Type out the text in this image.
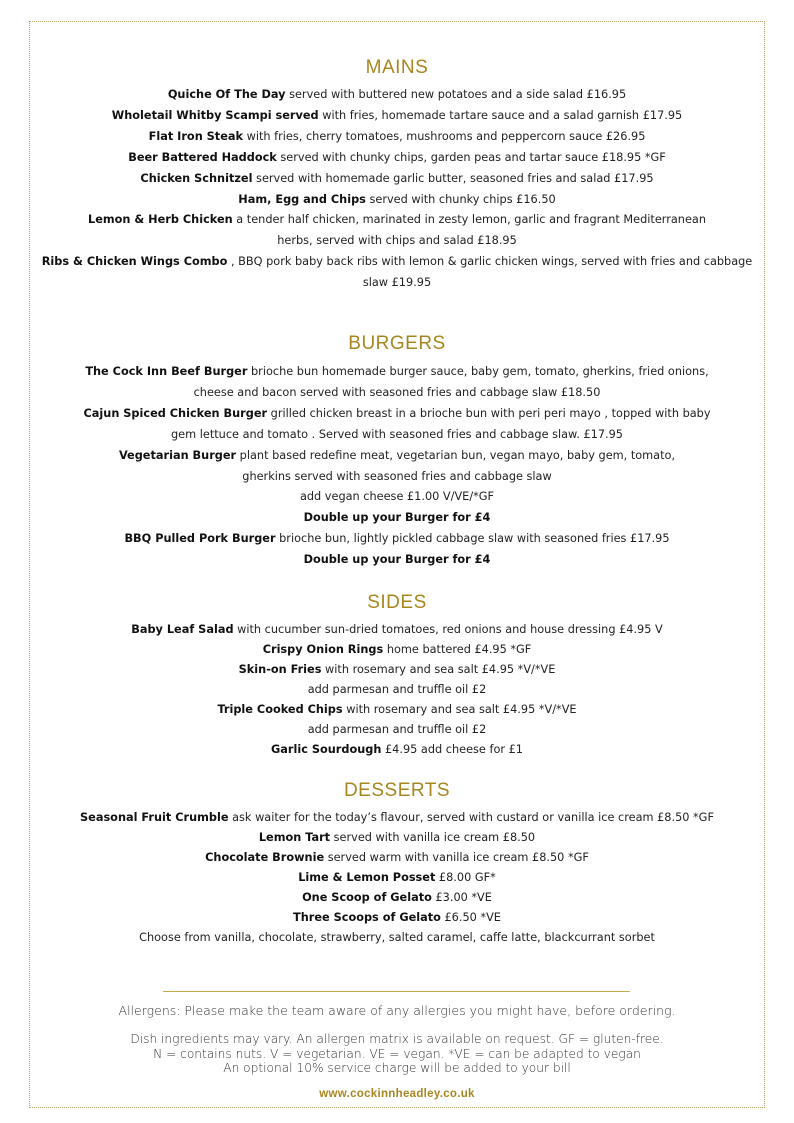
MAINS

Quiche Of The Day served with buttered new potatoes and a side salad £16.95

Wholetail Whitby Scampi served with fries, homemade tartare sauce and a salad garnish £17.95

Flat Iron Steak with fries, cherry tomatoes, mushrooms and peppercorn sauce £26.95

Beer Battered Haddock served with chunky chips, garden peas and tartar sauce £18.95 *GF

Chicken Schnitzel served with homemade garlic butter, seasoned fries and salad £17.95

Ham, Egg and Chips served with chunky chips £16.50

Lemon & Herb Chicken a tender half chicken, marinated in zesty lemon, garlic and fragrant Mediterranean

herbs, served with chips and salad £18.95

Ribs & Chicken Wings Combo , BBQ pork baby back ribs with lemon & garlic chicken wings, served with fries and cabbage

slaw £19.95

BURGERS

The Cock Inn Beef Burger brioche bun homemade burger sauce, baby gem, tomato, gherkins, fried onions,

cheese and bacon served with seasoned fries and cabbage slaw £18.50

Cajun Spiced Chicken Burger grilled chicken breast in a brioche bun with peri peri mayo , topped with baby

gem lettuce and tomato . Served with seasoned fries and cabbage slaw. £17.95

Vegetarian Burger plant based redefine meat, vegetarian bun, vegan mayo, baby gem, tomato,

gherkins served with seasoned fries and cabbage slaw

add vegan cheese £1.00 V/VE/*GF

Double up your Burger for £4

BBQ Pulled Pork Burger brioche bun, lightly pickled cabbage slaw with seasoned fries £17.95

Double up your Burger for £4

SIDES

Baby Leaf Salad with cucumber sun-dried tomatoes, red onions and house dressing £4.95 V

Crispy Onion Rings home battered £4.95 *GF

Skin-on Fries with rosemary and sea salt £4.95 *V/*VE

add parmesan and truffle oil £2

Triple Cooked Chips with rosemary and sea salt £4.95 *V/*VE

add parmesan and truffle oil £2

Garlic Sourdough £4.95 add cheese for £1

DESSERTS

Seasonal Fruit Crumble ask waiter for the today’s flavour, served with custard or vanilla ice cream £8.50 *GF

Lemon Tart served with vanilla ice cream £8.50

Chocolate Brownie served warm with vanilla ice cream £8.50 *GF

Lime & Lemon Posset £8.00 GF*

One Scoop of Gelato £3.00 *VE

Three Scoops of Gelato £6.50 *VE

Choose from vanilla, chocolate, strawberry, salted caramel, caffe latte, blackcurrant sorbet

Allergens: Please make the team aware of any allergies you might have, before ordering.
Dish ingredients may vary. An allergen matrix is available on request. GF = gluten-free.
N = contains nuts. V = vegetarian. VE = vegan. *VE = can be adapted to vegan
An optional 10% service charge will be added to your bill
www.cockinnheadley.co.uk
